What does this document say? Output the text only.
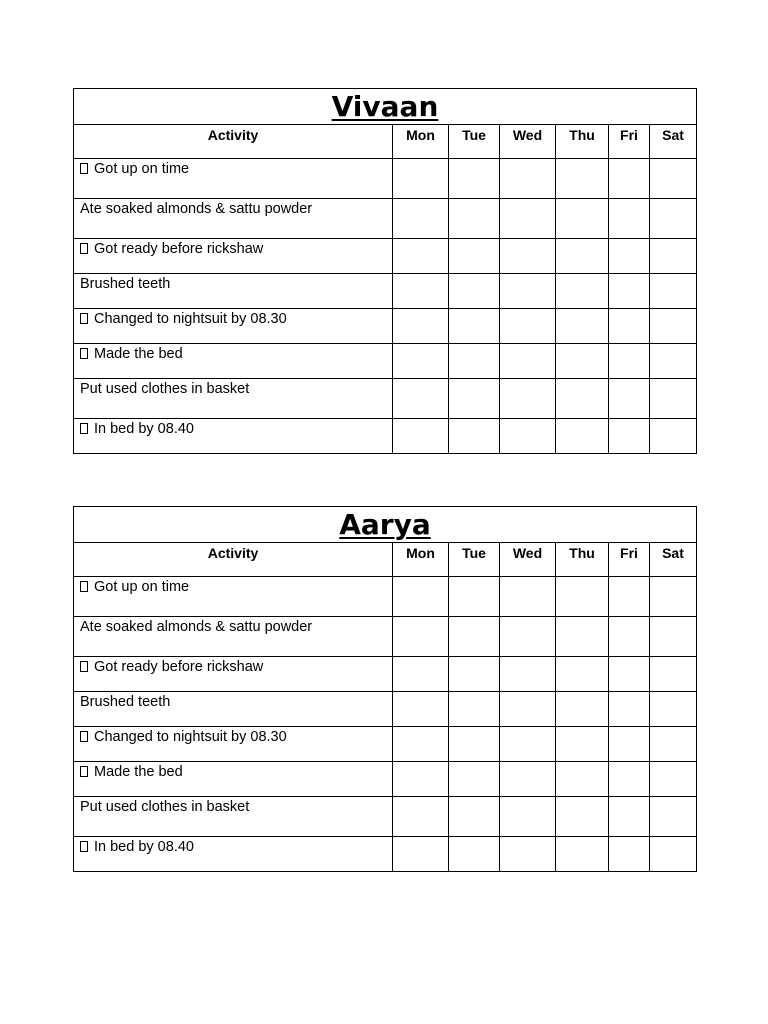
Vivaan						
Activity	Mon	Tue	Wed	Thu	Fri	Sat
Got up on time						
Ate soaked almonds & sattu powder						
Got ready before rickshaw						
Brushed teeth						
Changed to nightsuit by 08.30						
Made the bed						
Put used clothes in basket						
In bed by 08.40						
Aarya						
Activity	Mon	Tue	Wed	Thu	Fri	Sat
Got up on time						
Ate soaked almonds & sattu powder						
Got ready before rickshaw						
Brushed teeth						
Changed to nightsuit by 08.30						
Made the bed						
Put used clothes in basket						
In bed by 08.40						
